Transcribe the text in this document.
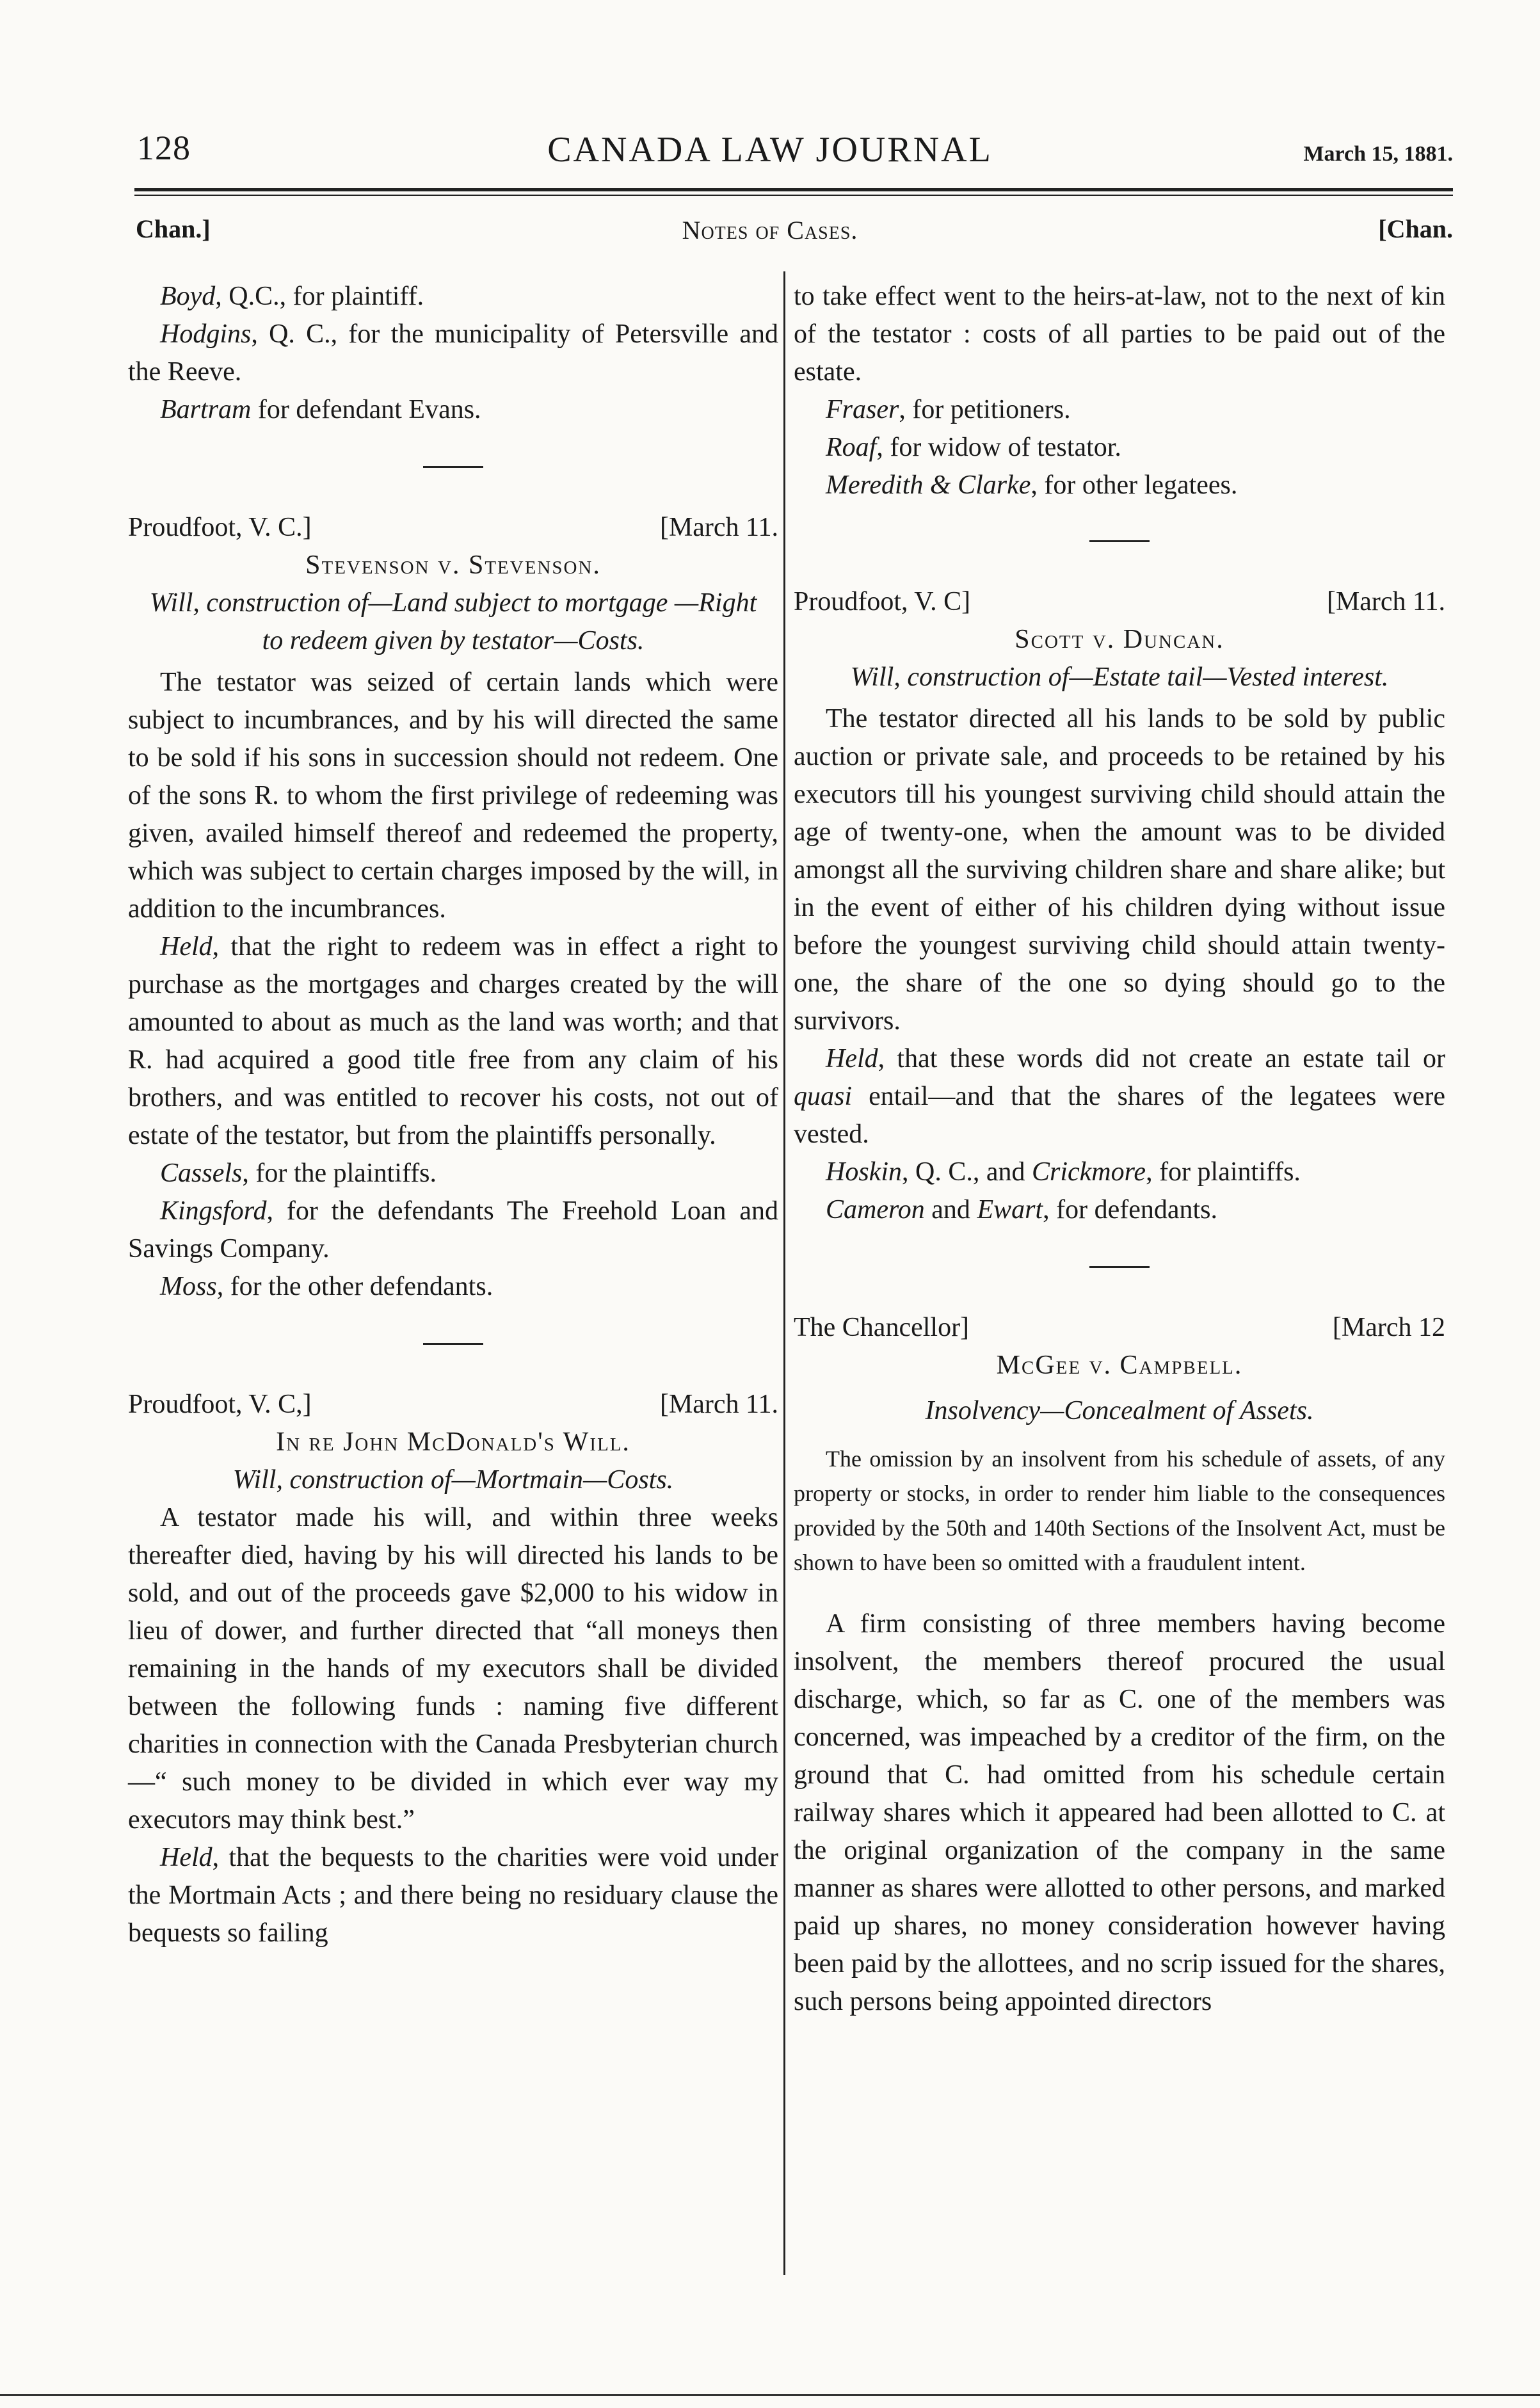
128	CANADA LAW JOURNAL	March 15, 1881.
Chan.]	Notes of Cases.	[Chan.

Boyd, Q.C., for plaintiff.

Hodgins, Q. C., for the municipality of Petersville and the Reeve.

Bartram for defendant Evans.

Proudfoot, V. C.]	[March 11.

Stevenson v. Stevenson.

Will, construction of—Land subject to mortgage —Right to redeem given by testator—Costs.

The testator was seized of certain lands which were subject to incumbrances, and by his will directed the same to be sold if his sons in succession should not redeem. One of the sons R. to whom the first privilege of redeeming was given, availed himself thereof and redeemed the property, which was subject to certain charges imposed by the will, in addition to the incumbrances.

Held, that the right to redeem was in effect a right to purchase as the mortgages and charges created by the will amounted to about as much as the land was worth; and that R. had acquired a good title free from any claim of his brothers, and was entitled to recover his costs, not out of estate of the testator, but from the plaintiffs personally.

Cassels, for the plaintiffs.

Kingsford, for the defendants The Freehold Loan and Savings Company.

Moss, for the other defendants.

Proudfoot, V. C,]	[March 11.

In re John McDonald's Will.

Will, construction of—Mortmain—Costs.

A testator made his will, and within three weeks thereafter died, having by his will directed his lands to be sold, and out of the proceeds gave $2,000 to his widow in lieu of dower, and further directed that “all moneys then remaining in the hands of my executors shall be divided between the following funds : naming five different charities in connection with the Canada Presbyterian church—“ such money to be divided in which ever way my executors may think best.”

Held, that the bequests to the charities were void under the Mortmain Acts ; and there being no residuary clause the bequests so failing

to take effect went to the heirs-at-law, not to the next of kin of the testator : costs of all parties to be paid out of the estate.

Fraser, for petitioners.

Roaf, for widow of testator.

Meredith & Clarke, for other legatees.

Proudfoot, V. C]	[March 11.

Scott v. Duncan.

Will, construction of—Estate tail—Vested interest.

The testator directed all his lands to be sold by public auction or private sale, and proceeds to be retained by his executors till his youngest surviving child should attain the age of twenty-one, when the amount was to be divided amongst all the surviving children share and share alike; but in the event of either of his children dying without issue before the youngest surviving child should attain twenty-one, the share of the one so dying should go to the survivors.

Held, that these words did not create an estate tail or quasi entail—and that the shares of the legatees were vested.

Hoskin, Q. C., and Crickmore, for plaintiffs.

Cameron and Ewart, for defendants.

The Chancellor]	[March 12

McGee v. Campbell.

Insolvency—Concealment of Assets.

The omission by an insolvent from his schedule of assets, of any property or stocks, in order to render him liable to the consequences provided by the 50th and 140th Sections of the Insolvent Act, must be shown to have been so omitted with a fraudulent intent.

A firm consisting of three members having become insolvent, the members thereof procured the usual discharge, which, so far as C. one of the members was concerned, was impeached by a creditor of the firm, on the ground that C. had omitted from his schedule certain railway shares which it appeared had been allotted to C. at the original organization of the company in the same manner as shares were allotted to other persons, and marked paid up shares, no money consideration however having been paid by the allottees, and no scrip issued for the shares, such persons being appointed directors
